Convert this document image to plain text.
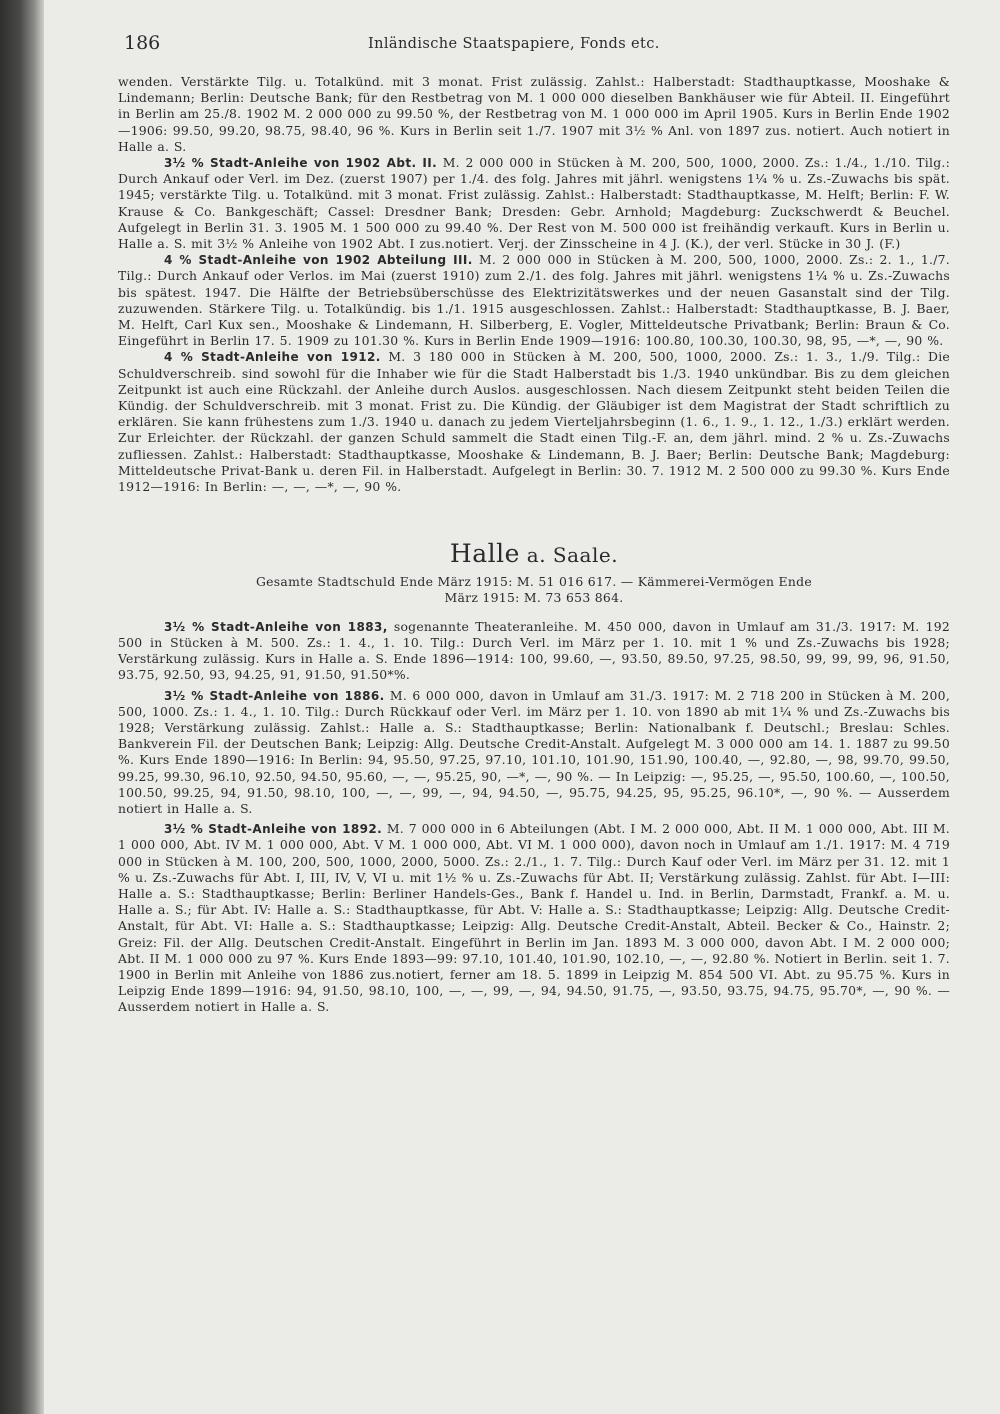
186	Inländische Staatspapiere, Fonds etc.

wenden. Verstärkte Tilg. u. Totalkünd. mit 3 monat. Frist zulässig. Zahlst.: Halberstadt: Stadthauptkasse, Mooshake & Lindemann; Berlin: Deutsche Bank; für den Restbetrag von M. 1 000 000 dieselben Bankhäuser wie für Abteil. II. Eingeführt in Berlin am 25./8. 1902 M. 2 000 000 zu 99.50 %, der Restbetrag von M. 1 000 000 im April 1905. Kurs in Berlin Ende 1902—1906: 99.50, 99.20, 98.75, 98.40, 96 %. Kurs in Berlin seit 1./7. 1907 mit 3½ % Anl. von 1897 zus. notiert. Auch notiert in Halle a. S.

3½ % Stadt-Anleihe von 1902 Abt. II. M. 2 000 000 in Stücken à M. 200, 500, 1000, 2000. Zs.: 1./4., 1./10. Tilg.: Durch Ankauf oder Verl. im Dez. (zuerst 1907) per 1./4. des folg. Jahres mit jährl. wenigstens 1¼ % u. Zs.-Zuwachs bis spät. 1945; verstärkte Tilg. u. Totalkünd. mit 3 monat. Frist zulässig. Zahlst.: Halberstadt: Stadthauptkasse, M. Helft; Berlin: F. W. Krause & Co. Bankgeschäft; Cassel: Dresdner Bank; Dresden: Gebr. Arnhold; Magdeburg: Zuckschwerdt & Beuchel. Aufgelegt in Berlin 31. 3. 1905 M. 1 500 000 zu 99.40 %. Der Rest von M. 500 000 ist freihändig verkauft. Kurs in Berlin u. Halle a. S. mit 3½ % Anleihe von 1902 Abt. I zus.notiert. Verj. der Zinsscheine in 4 J. (K.), der verl. Stücke in 30 J. (F.)

4 % Stadt-Anleihe von 1902 Abteilung III. M. 2 000 000 in Stücken à M. 200, 500, 1000, 2000. Zs.: 2. 1., 1./7. Tilg.: Durch Ankauf oder Verlos. im Mai (zuerst 1910) zum 2./1. des folg. Jahres mit jährl. wenigstens 1¼ % u. Zs.-Zuwachs bis spätest. 1947. Die Hälfte der Betriebsüberschüsse des Elektrizitätswerkes und der neuen Gasanstalt sind der Tilg. zuzuwenden. Stärkere Tilg. u. Totalkündig. bis 1./1. 1915 ausgeschlossen. Zahlst.: Halberstadt: Stadthauptkasse, B. J. Baer, M. Helft, Carl Kux sen., Mooshake & Lindemann, H. Silberberg, E. Vogler, Mitteldeutsche Privatbank; Berlin: Braun & Co. Eingeführt in Berlin 17. 5. 1909 zu 101.30 %. Kurs in Berlin Ende 1909—1916: 100.80, 100.30, 100.30, 98, 95, —*, —, 90 %.

4 % Stadt-Anleihe von 1912. M. 3 180 000 in Stücken à M. 200, 500, 1000, 2000. Zs.: 1. 3., 1./9. Tilg.: Die Schuldverschreib. sind sowohl für die Inhaber wie für die Stadt Halberstadt bis 1./3. 1940 unkündbar. Bis zu dem gleichen Zeitpunkt ist auch eine Rückzahl. der Anleihe durch Auslos. ausgeschlossen. Nach diesem Zeitpunkt steht beiden Teilen die Kündig. der Schuldverschreib. mit 3 monat. Frist zu. Die Kündig. der Gläubiger ist dem Magistrat der Stadt schriftlich zu erklären. Sie kann frühestens zum 1./3. 1940 u. danach zu jedem Vierteljahrsbeginn (1. 6., 1. 9., 1. 12., 1./3.) erklärt werden. Zur Erleichter. der Rückzahl. der ganzen Schuld sammelt die Stadt einen Tilg.-F. an, dem jährl. mind. 2 % u. Zs.-Zuwachs zufliessen. Zahlst.: Halberstadt: Stadthauptkasse, Mooshake & Lindemann, B. J. Baer; Berlin: Deutsche Bank; Magdeburg: Mitteldeutsche Privat-Bank u. deren Fil. in Halberstadt. Aufgelegt in Berlin: 30. 7. 1912 M. 2 500 000 zu 99.30 %. Kurs Ende 1912—1916: In Berlin: —, —, —*, —, 90 %.

Halle a. Saale.
Gesamte Stadtschuld Ende März 1915: M. 51 016 617. — Kämmerei-Vermögen Ende
März 1915: M. 73 653 864.

3½ % Stadt-Anleihe von 1883, sogenannte Theateranleihe. M. 450 000, davon in Umlauf am 31./3. 1917: M. 192 500 in Stücken à M. 500. Zs.: 1. 4., 1. 10. Tilg.: Durch Verl. im März per 1. 10. mit 1 % und Zs.-Zuwachs bis 1928; Verstärkung zulässig. Kurs in Halle a. S. Ende 1896—1914: 100, 99.60, —, 93.50, 89.50, 97.25, 98.50, 99, 99, 99, 96, 91.50, 93.75, 92.50, 93, 94.25, 91, 91.50, 91.50*%.

3½ % Stadt-Anleihe von 1886. M. 6 000 000, davon in Umlauf am 31./3. 1917: M. 2 718 200 in Stücken à M. 200, 500, 1000. Zs.: 1. 4., 1. 10. Tilg.: Durch Rückkauf oder Verl. im März per 1. 10. von 1890 ab mit 1¼ % und Zs.-Zuwachs bis 1928; Verstärkung zulässig. Zahlst.: Halle a. S.: Stadthauptkasse; Berlin: Nationalbank f. Deutschl.; Breslau: Schles. Bankverein Fil. der Deutschen Bank; Leipzig: Allg. Deutsche Credit-Anstalt. Aufgelegt M. 3 000 000 am 14. 1. 1887 zu 99.50 %. Kurs Ende 1890—1916: In Berlin: 94, 95.50, 97.25, 97.10, 101.10, 101.90, 151.90, 100.40, —, 92.80, —, 98, 99.70, 99.50, 99.25, 99.30, 96.10, 92.50, 94.50, 95.60, —, —, 95.25, 90, —*, —, 90 %. — In Leipzig: —, 95.25, —, 95.50, 100.60, —, 100.50, 100.50, 99.25, 94, 91.50, 98.10, 100, —, —, 99, —, 94, 94.50, —, 95.75, 94.25, 95, 95.25, 96.10*, —, 90 %. — Ausserdem notiert in Halle a. S.

3½ % Stadt-Anleihe von 1892. M. 7 000 000 in 6 Abteilungen (Abt. I M. 2 000 000, Abt. II M. 1 000 000, Abt. III M. 1 000 000, Abt. IV M. 1 000 000, Abt. V M. 1 000 000, Abt. VI M. 1 000 000), davon noch in Umlauf am 1./1. 1917: M. 4 719 000 in Stücken à M. 100, 200, 500, 1000, 2000, 5000. Zs.: 2./1., 1. 7. Tilg.: Durch Kauf oder Verl. im März per 31. 12. mit 1 % u. Zs.-Zuwachs für Abt. I, III, IV, V, VI u. mit 1½ % u. Zs.-Zuwachs für Abt. II; Verstärkung zulässig. Zahlst. für Abt. I—III: Halle a. S.: Stadthauptkasse; Berlin: Berliner Handels-Ges., Bank f. Handel u. Ind. in Berlin, Darmstadt, Frankf. a. M. u. Halle a. S.; für Abt. IV: Halle a. S.: Stadthauptkasse, für Abt. V: Halle a. S.: Stadthauptkasse; Leipzig: Allg. Deutsche Credit-Anstalt, für Abt. VI: Halle a. S.: Stadthauptkasse; Leipzig: Allg. Deutsche Credit-Anstalt, Abteil. Becker & Co., Hainstr. 2; Greiz: Fil. der Allg. Deutschen Credit-Anstalt. Eingeführt in Berlin im Jan. 1893 M. 3 000 000, davon Abt. I M. 2 000 000; Abt. II M. 1 000 000 zu 97 %. Kurs Ende 1893—99: 97.10, 101.40, 101.90, 102.10, —, —, 92.80 %. Notiert in Berlin. seit 1. 7. 1900 in Berlin mit Anleihe von 1886 zus.notiert, ferner am 18. 5. 1899 in Leipzig M. 854 500 VI. Abt. zu 95.75 %. Kurs in Leipzig Ende 1899—1916: 94, 91.50, 98.10, 100, —, —, 99, —, 94, 94.50, 91.75, —, 93.50, 93.75, 94.75, 95.70*, —, 90 %. — Ausserdem notiert in Halle a. S.
